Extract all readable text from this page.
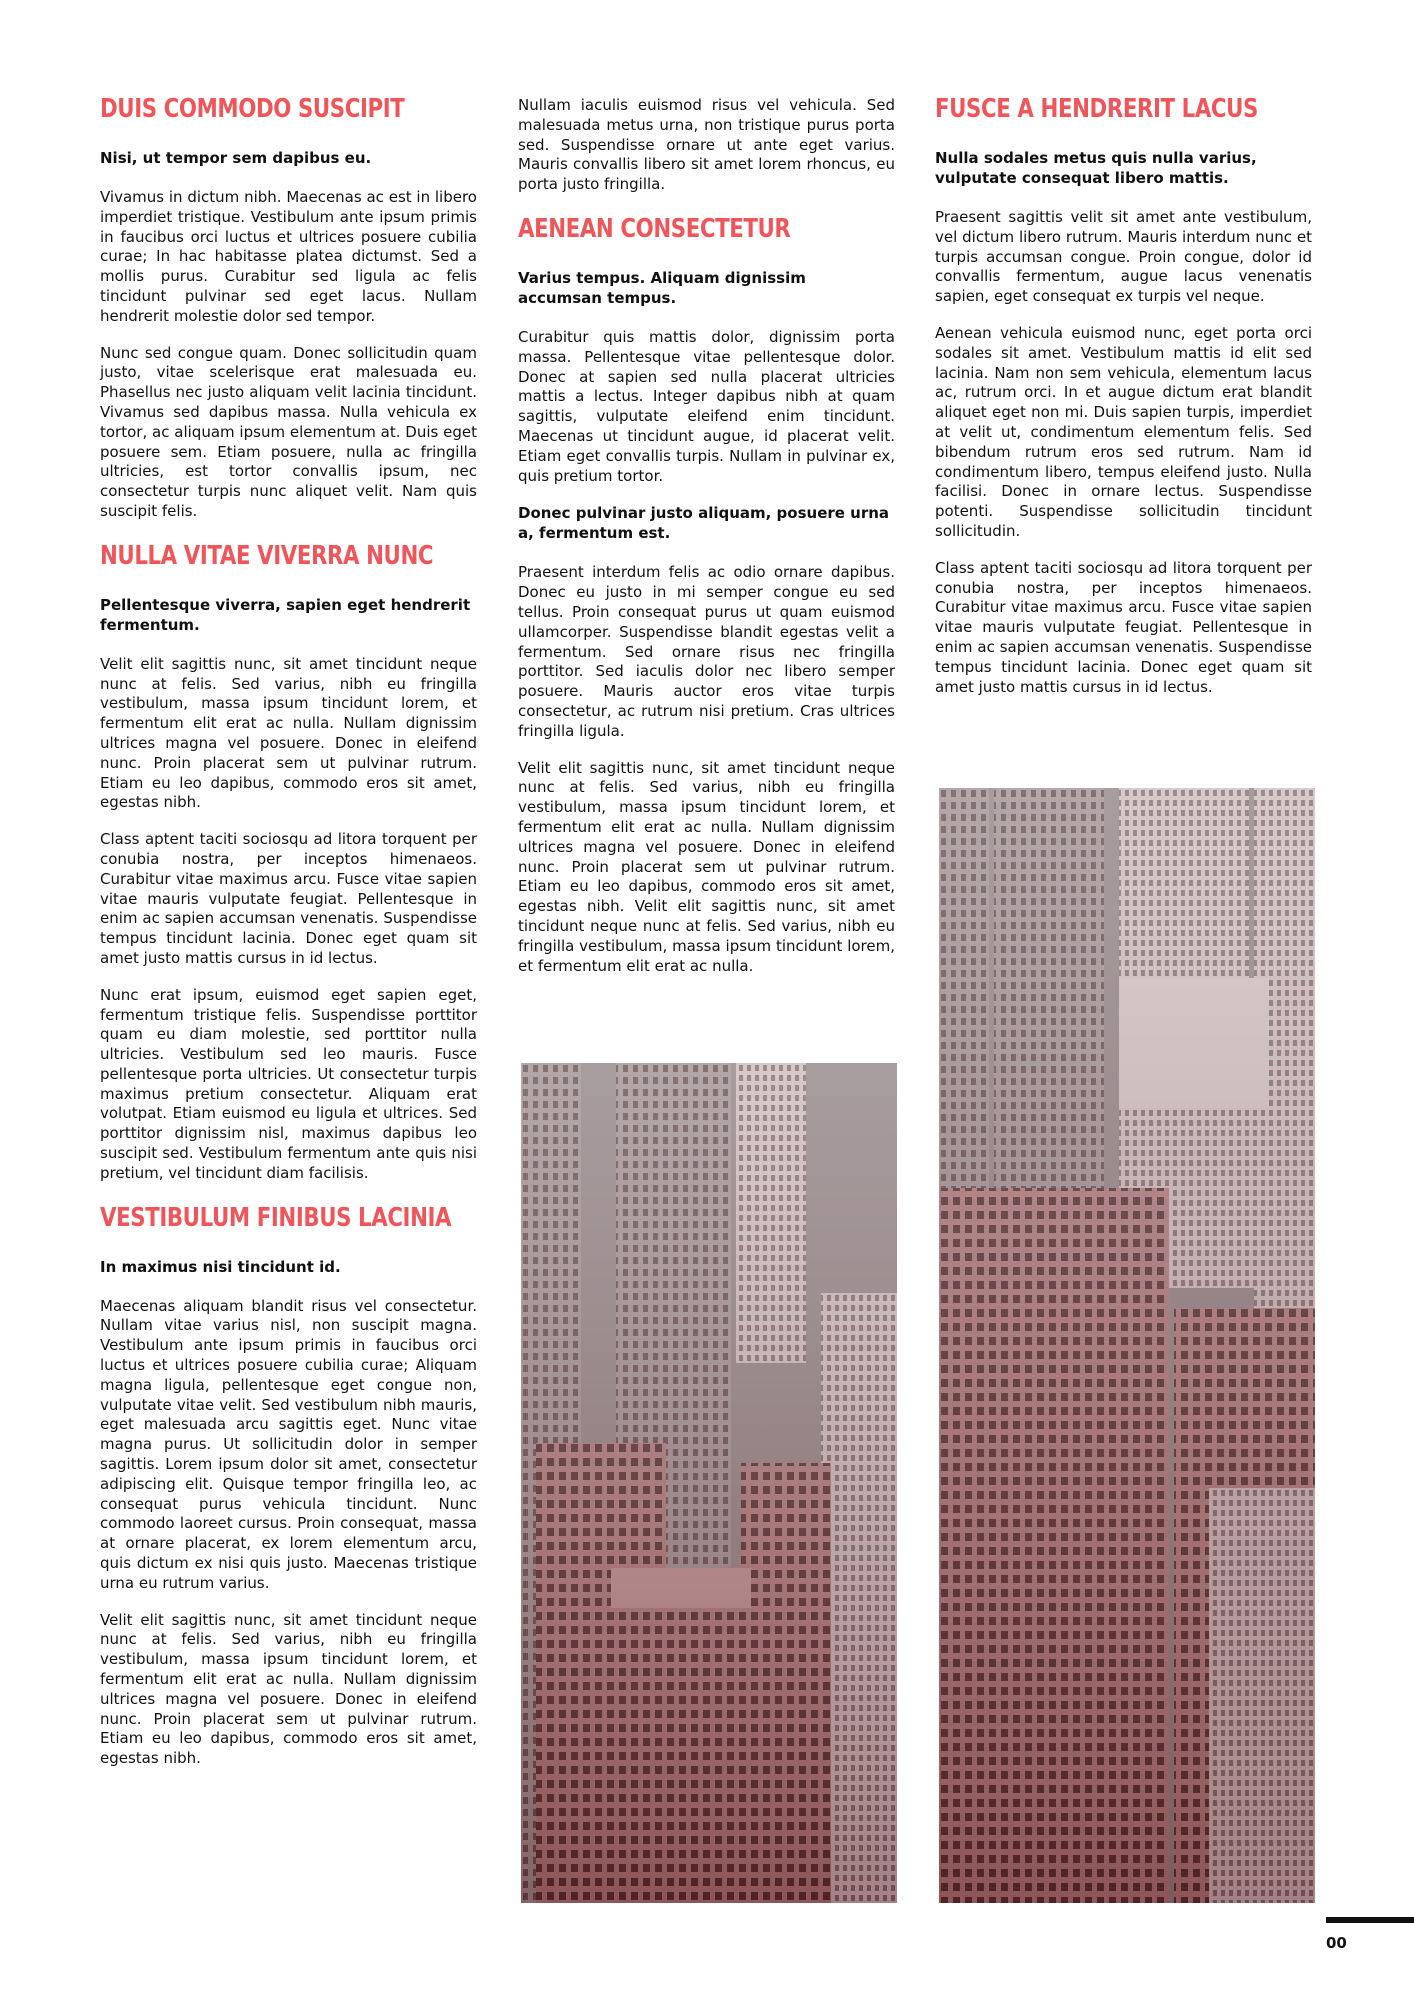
DUIS COMMODO SUSCIPIT
Nisi, ut tempor sem dapibus eu.

Vivamus in dictum nibh. Maecenas ac est in libero imperdiet tristique. Vestibulum ante ipsum primis in faucibus orci luctus et ultrices posuere cubilia curae; In hac habitasse platea dictumst. Sed a mollis purus. Curabitur sed ligula ac felis tincidunt pulvinar sed eget lacus. Nullam hendrerit molestie dolor sed tempor.

Nunc sed congue quam. Donec sollicitudin quam justo, vitae scelerisque erat malesuada eu. Phasellus nec justo aliquam velit lacinia tincidunt. Vivamus sed dapibus massa. Nulla vehicula ex tortor, ac aliquam ipsum elementum at. Duis eget posuere sem. Etiam posuere, nulla ac fringilla ultricies, est tortor convallis ipsum, nec consectetur turpis nunc aliquet velit. Nam quis suscipit felis.

NULLA VITAE VIVERRA NUNC
Pellentesque viverra, sapien eget hendrerit fermentum.

Velit elit sagittis nunc, sit amet tincidunt neque nunc at felis. Sed varius, nibh eu fringilla vestibulum, massa ipsum tincidunt lorem, et fermentum elit erat ac nulla. Nullam dignissim ultrices magna vel posuere. Donec in eleifend nunc. Proin placerat sem ut pulvinar rutrum. Etiam eu leo dapibus, commodo eros sit amet, egestas nibh.

Class aptent taciti sociosqu ad litora torquent per conubia nostra, per inceptos himenaeos. Curabitur vitae maximus arcu. Fusce vitae sapien vitae mauris vulputate feugiat. Pellentesque in enim ac sapien accumsan venenatis. Suspendisse tempus tincidunt lacinia. Donec eget quam sit amet justo mattis cursus in id lectus.

Nunc erat ipsum, euismod eget sapien eget, fermentum tristique felis. Suspendisse porttitor quam eu diam molestie, sed porttitor nulla ultricies. Vestibulum sed leo mauris. Fusce pellentesque porta ultricies. Ut consectetur turpis maximus pretium consectetur. Aliquam erat volutpat. Etiam euismod eu ligula et ultrices. Sed porttitor dignissim nisl, maximus dapibus leo suscipit sed. Vestibulum fermentum ante quis nisi pretium, vel tincidunt diam facilisis.

VESTIBULUM FINIBUS LACINIA
In maximus nisi tincidunt id.

Maecenas aliquam blandit risus vel consectetur. Nullam vitae varius nisl, non suscipit magna. Vestibulum ante ipsum primis in faucibus orci luctus et ultrices posuere cubilia curae; Aliquam magna ligula, pellentesque eget congue non, vulputate vitae velit. Sed vestibulum nibh mauris, eget malesuada arcu sagittis eget. Nunc vitae magna purus. Ut sollicitudin dolor in semper sagittis. Lorem ipsum dolor sit amet, consectetur adipiscing elit. Quisque tempor fringilla leo, ac consequat purus vehicula tincidunt. Nunc commodo laoreet cursus. Proin consequat, massa at ornare placerat, ex lorem elementum arcu, quis dictum ex nisi quis justo. Maecenas tristique urna eu rutrum varius.

Velit elit sagittis nunc, sit amet tincidunt neque nunc at felis. Sed varius, nibh eu fringilla vestibulum, massa ipsum tincidunt lorem, et fermentum elit erat ac nulla. Nullam dignissim ultrices magna vel posuere. Donec in eleifend nunc. Proin placerat sem ut pulvinar rutrum. Etiam eu leo dapibus, commodo eros sit amet, egestas nibh.

Nullam iaculis euismod risus vel vehicula. Sed malesuada metus urna, non tristique purus porta sed. Suspendisse ornare ut ante eget varius. Mauris convallis libero sit amet lorem rhoncus, eu porta justo fringilla.

AENEAN CONSECTETUR
Varius tempus. Aliquam dignissim accumsan tempus.

Curabitur quis mattis dolor, dignissim porta massa. Pellentesque vitae pellentesque dolor. Donec at sapien sed nulla placerat ultricies mattis a lectus. Integer dapibus nibh at quam sagittis, vulputate eleifend enim tincidunt. Maecenas ut tincidunt augue, id placerat velit. Etiam eget convallis turpis. Nullam in pulvinar ex, quis pretium tortor.

Donec pulvinar justo aliquam, posuere urna a, fermentum est.

Praesent interdum felis ac odio ornare dapibus. Donec eu justo in mi semper congue eu sed tellus. Proin consequat purus ut quam euismod ullamcorper. Suspendisse blandit egestas velit a fermentum. Sed ornare risus nec fringilla porttitor. Sed iaculis dolor nec libero semper posuere. Mauris auctor eros vitae turpis consectetur, ac rutrum nisi pretium. Cras ultrices fringilla ligula.

Velit elit sagittis nunc, sit amet tincidunt neque nunc at felis. Sed varius, nibh eu fringilla vestibulum, massa ipsum tincidunt lorem, et fermentum elit erat ac nulla. Nullam dignissim ultrices magna vel posuere. Donec in eleifend nunc. Proin placerat sem ut pulvinar rutrum. Etiam eu leo dapibus, commodo eros sit amet, egestas nibh. Velit elit sagittis nunc, sit amet tincidunt neque nunc at felis. Sed varius, nibh eu fringilla vestibulum, massa ipsum tincidunt lorem, et fermentum elit erat ac nulla.

FUSCE A HENDRERIT LACUS
Nulla sodales metus quis nulla varius, vulputate consequat libero mattis.

Praesent sagittis velit sit amet ante vestibulum, vel dictum libero rutrum. Mauris interdum nunc et turpis accumsan congue. Proin congue, dolor id convallis fermentum, augue lacus venenatis sapien, eget consequat ex turpis vel neque.

Aenean vehicula euismod nunc, eget porta orci sodales sit amet. Vestibulum mattis id elit sed lacinia. Nam non sem vehicula, elementum lacus ac, rutrum orci. In et augue dictum erat blandit aliquet eget non mi. Duis sapien turpis, imperdiet at velit ut, condimentum elementum felis. Sed bibendum rutrum eros sed rutrum. Nam id condimentum libero, tempus eleifend justo. Nulla facilisi. Donec in ornare lectus. Suspendisse potenti. Suspendisse sollicitudin tincidunt sollicitudin.

Class aptent taciti sociosqu ad litora torquent per conubia nostra, per inceptos himenaeos. Curabitur vitae maximus arcu. Fusce vitae sapien vitae mauris vulputate feugiat. Pellentesque in enim ac sapien accumsan venenatis. Suspendisse tempus tincidunt lacinia. Donec eget quam sit amet justo mattis cursus in id lectus.

00
